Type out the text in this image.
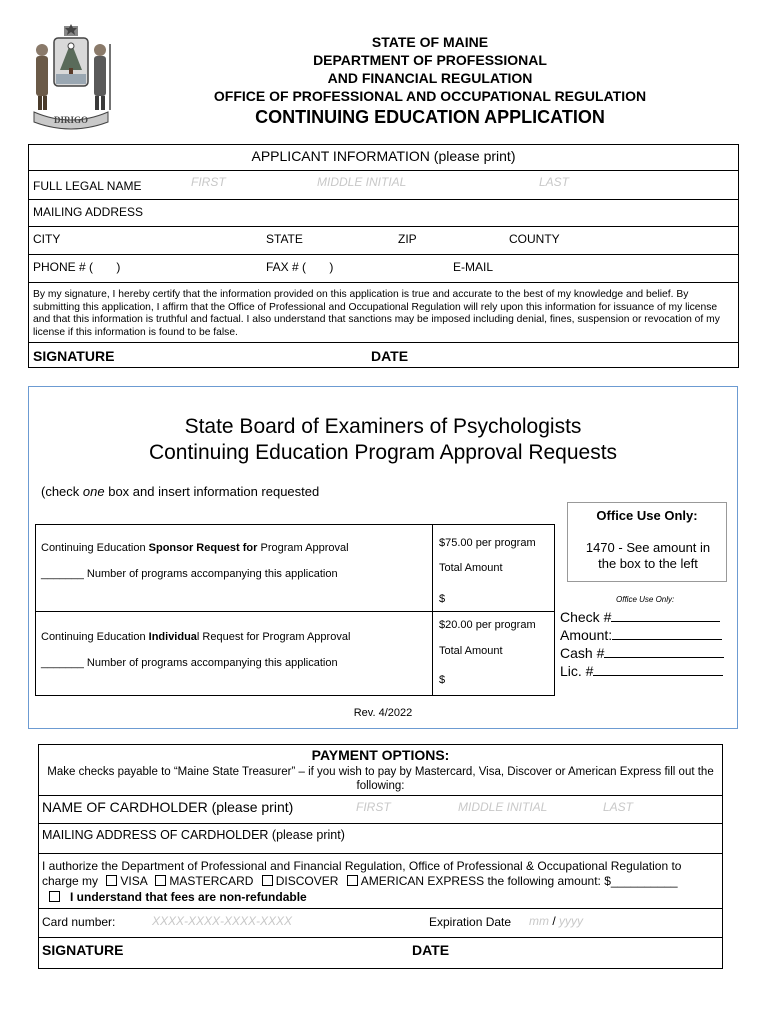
DIRIGO
STATE OF MAINE
DEPARTMENT OF PROFESSIONAL
AND FINANCIAL REGULATION
OFFICE OF PROFESSIONAL AND OCCUPATIONAL REGULATION
CONTINUING EDUCATION APPLICATION
APPLICANT INFORMATION (please print)
FULL LEGAL NAME	FIRST	MIDDLE INITIAL	LAST
MAILING ADDRESS
CITY	STATE	ZIP	COUNTY
PHONE # (       )	FAX # (       )	E-MAIL
By my signature, I hereby certify that the information provided on this application is true and accurate to the best of my knowledge and belief. By submitting this application, I affirm that the Office of Professional and Occupational Regulation will rely upon this information for issuance of my license and that this information is truthful and factual. I also understand that sanctions may be imposed including denial, fines, suspension or revocation of my license if this information is found to be false.
SIGNATURE	DATE
State Board of Examiners of Psychologists
Continuing Education Program Approval Requests
(check one box and insert information requested
Continuing Education Sponsor Request for Program Approval
_______ Number of programs accompanying this application
$75.00 per program
Total Amount
$
Continuing Education Individual Request for Program Approval
_______ Number of programs accompanying this application
$20.00 per program
Total Amount
$
Office Use Only:
1470 - See amount in the box to the left
Office Use Only:
Check #
Amount:
Cash #
Lic. #
Rev. 4/2022
PAYMENT OPTIONS:
Make checks payable to “Maine State Treasurer” – if you wish to pay by Mastercard, Visa, Discover or American Express fill out the following:
NAME OF CARDHOLDER (please print)	FIRST	MIDDLE INITIAL	LAST
MAILING ADDRESS OF CARDHOLDER (please print)
I authorize the Department of Professional and Financial Regulation, Office of Professional & Occupational Regulation to
charge my VISA MASTERCARD DISCOVER AMERICAN EXPRESS the following amount: $__________
I understand that fees are non-refundable
Card number:	XXXX-XXXX-XXXX-XXXX	Expiration Date mm / yyyy
SIGNATURE	DATE
